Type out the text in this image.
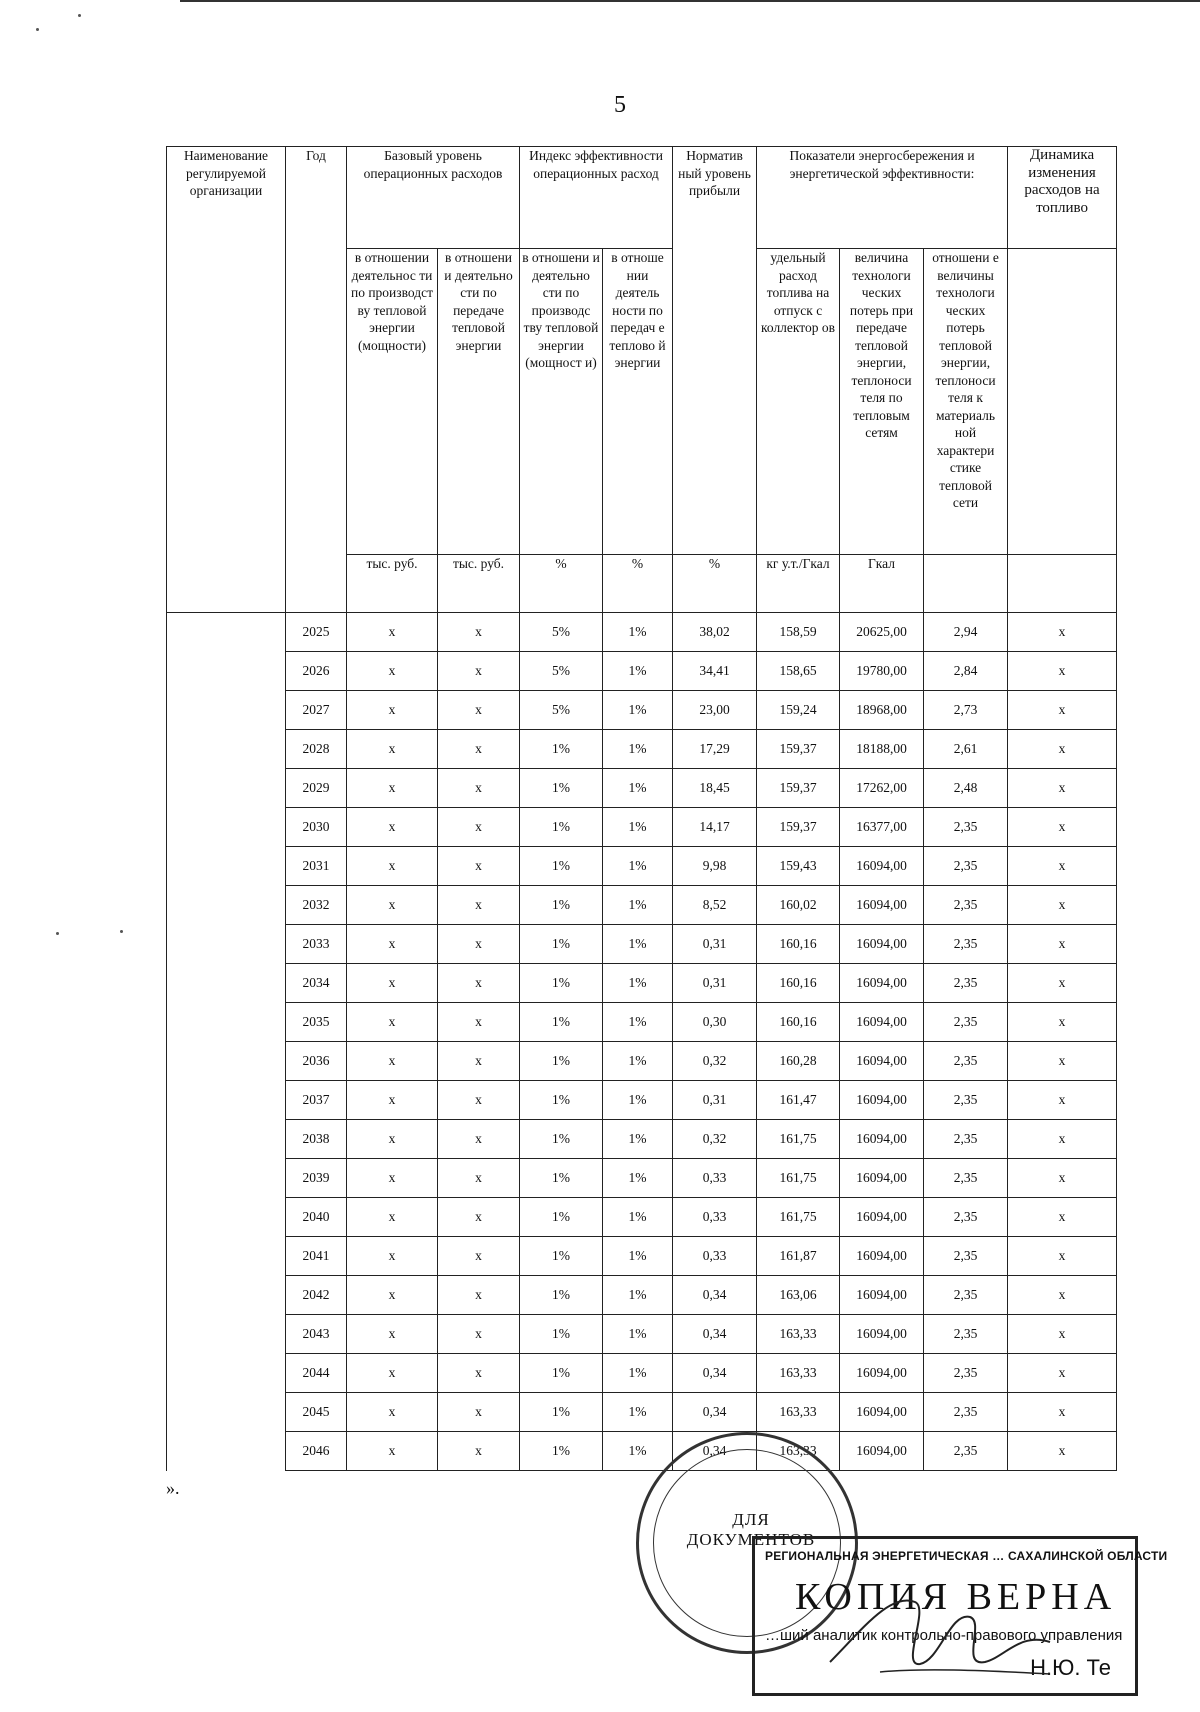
5
Наименование регулируемой организации	Год	Базовый уровень операционных расходов		Индекс эффективности операционных расход		Норматив ный уровень прибыли	Показатели энергосбережения и энергетической эффективности:			Динамика изменения расходов на топливо
		в отношении деятельнос ти по производст ву тепловой энергии (мощности)	в отношени и деятельно сти по передаче тепловой энергии	в отношени и деятельно сти по производс тву тепловой энергии (мощност и)	в отноше нии деятель ности по передач е теплово й энергии		удельный расход топлива на отпуск с коллектор ов	величина технологи ческих потерь при передаче тепловой энергии, теплоноси теля по тепловым сетям	отношени е величины технологи ческих потерь тепловой энергии, теплоноси теля к материаль ной характери стике тепловой сети	
		тыс. руб.	тыс. руб.	%	%	%	кг у.т./Гкал	Гкал		
	2025	x	x	5%	1%	38,02	158,59	20625,00	2,94	x
	2026	x	x	5%	1%	34,41	158,65	19780,00	2,84	x
	2027	x	x	5%	1%	23,00	159,24	18968,00	2,73	x
	2028	x	x	1%	1%	17,29	159,37	18188,00	2,61	x
	2029	x	x	1%	1%	18,45	159,37	17262,00	2,48	x
	2030	x	x	1%	1%	14,17	159,37	16377,00	2,35	x
	2031	x	x	1%	1%	9,98	159,43	16094,00	2,35	x
	2032	x	x	1%	1%	8,52	160,02	16094,00	2,35	x
	2033	x	x	1%	1%	0,31	160,16	16094,00	2,35	x
	2034	x	x	1%	1%	0,31	160,16	16094,00	2,35	x
	2035	x	x	1%	1%	0,30	160,16	16094,00	2,35	x
	2036	x	x	1%	1%	0,32	160,28	16094,00	2,35	x
	2037	x	x	1%	1%	0,31	161,47	16094,00	2,35	x
	2038	x	x	1%	1%	0,32	161,75	16094,00	2,35	x
	2039	x	x	1%	1%	0,33	161,75	16094,00	2,35	x
	2040	x	x	1%	1%	0,33	161,75	16094,00	2,35	x
	2041	x	x	1%	1%	0,33	161,87	16094,00	2,35	x
	2042	x	x	1%	1%	0,34	163,06	16094,00	2,35	x
	2043	x	x	1%	1%	0,34	163,33	16094,00	2,35	x
	2044	x	x	1%	1%	0,34	163,33	16094,00	2,35	x
	2045	x	x	1%	1%	0,34	163,33	16094,00	2,35	x
	2046	x	x	1%	1%	0,34	163,33	16094,00	2,35	x
».
ДЛЯ ДОКУМЕНТОВ
РЕГИОНАЛЬНАЯ ЭНЕРГЕТИЧЕСКАЯ … САХАЛИНСКОЙ ОБЛАСТИ
КОПИЯ ВЕРНА
…ший аналитик контрольно-правового управления
Н.Ю. Те
